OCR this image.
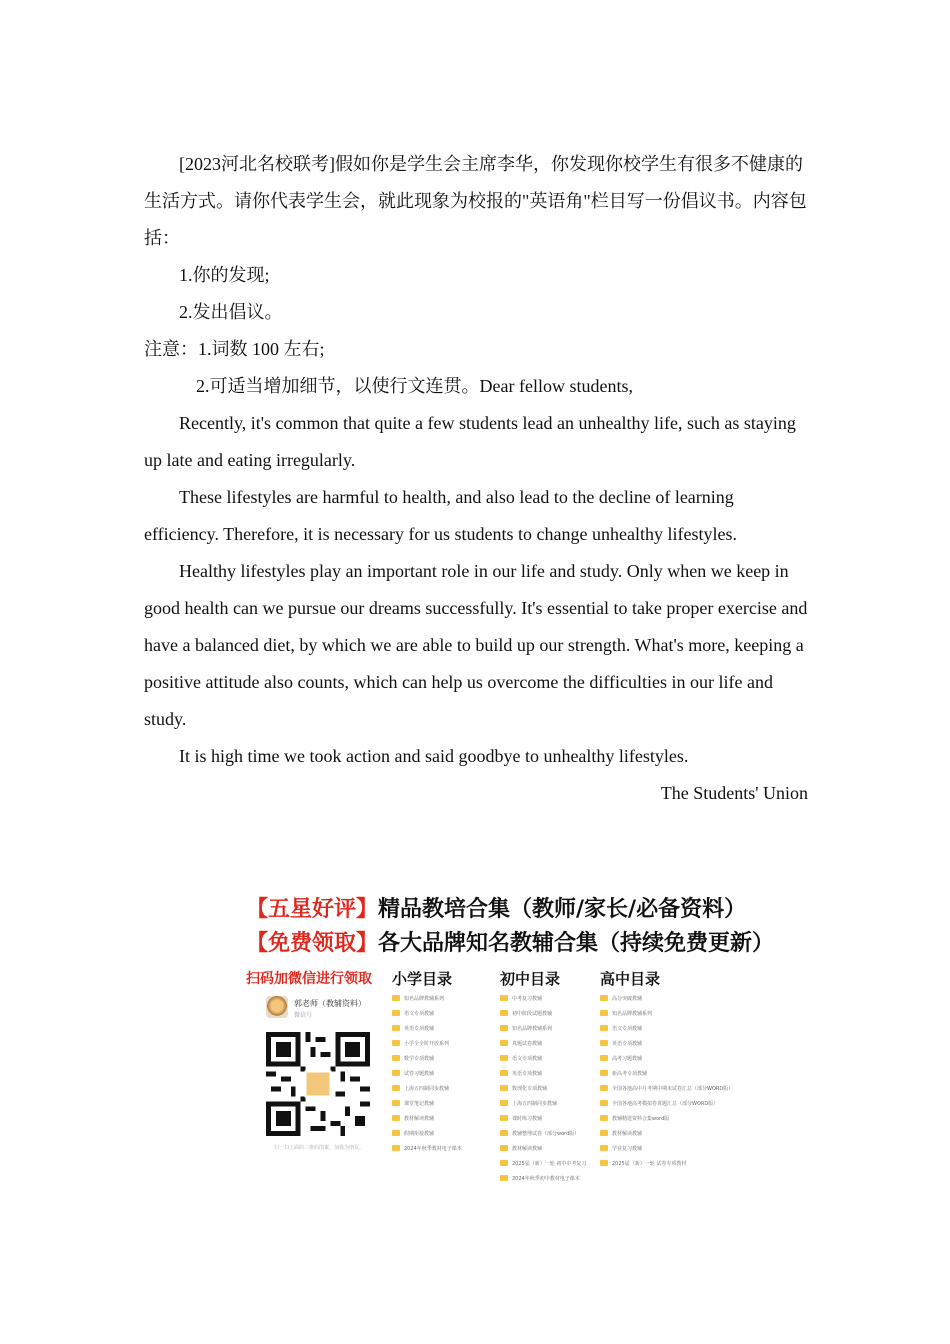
[2023河北名校联考]假如你是学生会主席李华，你发现你校学生有很多不健康的生活方式。请你代表学生会，就此现象为校报的"英语角"栏目写一份倡议书。内容包括：

1.你的发现;

2.发出倡议。

注意：1.词数 100 左右;

2.可适当增加细节，以使行文连贯。Dear fellow students,

Recently, it's common that quite a few students lead an unhealthy life, such as staying up late and eating irregularly.

These lifestyles are harmful to health, and also lead to the decline of learning efficiency. Therefore, it is necessary for us students to change unhealthy lifestyles.

Healthy lifestyles play an important role in our life and study. Only when we keep in good health can we pursue our dreams successfully. It's essential to take proper exercise and have a balanced diet, by which we are able to build up our strength. What's more, keeping a positive attitude also counts, which can help us overcome the difficulties in our life and study.

It is high time we took action and said goodbye to unhealthy lifestyles.

The Students' Union

【五星好评】精品教培合集（教师/家长/必备资料）
【免费领取】各大品牌知名教辅合集（持续免费更新）
扫码加微信进行领取
郭老师（教辅资料）
微信号
扫一扫上面的二维码图案，加我为朋友。
小学目录
知名品牌教辅系列
语文专项教辅
英语专项教辅
小学全全阶开放系列
数学专项教辅
试卷习题教辅
上海五四制同步教辅
课堂笔记教辅
教材解读教辅
假期衔接教辅
2024年秋季教材电子课本
初中目录
中考复习教辅
初中阶段试题教辅
知名品牌教辅系列
真题试卷教辅
语文专项教辅
英语专项教辅
数理化专项教辅
上海五四制同步教辅
课时练习教辅
教辅整理试卷（部分word版）
教材解读教辅
2025届（新）一轮 初中中考复习
2024年秋季初中教材电子课本
高中目录
高分突破教辅
知名品牌教辅系列
语文专项教辅
英语专项教辅
高考习题教辅
新高考专项教辅
全国各地高中月考期中期末试卷汇总（部分WORD版）
全国各地高考模拟卷真题汇总（部分WORD版）
教辅精选资料合集word版
教材解读教辅
学业复习教辅
2025届（新）一轮 试卷专项教材
